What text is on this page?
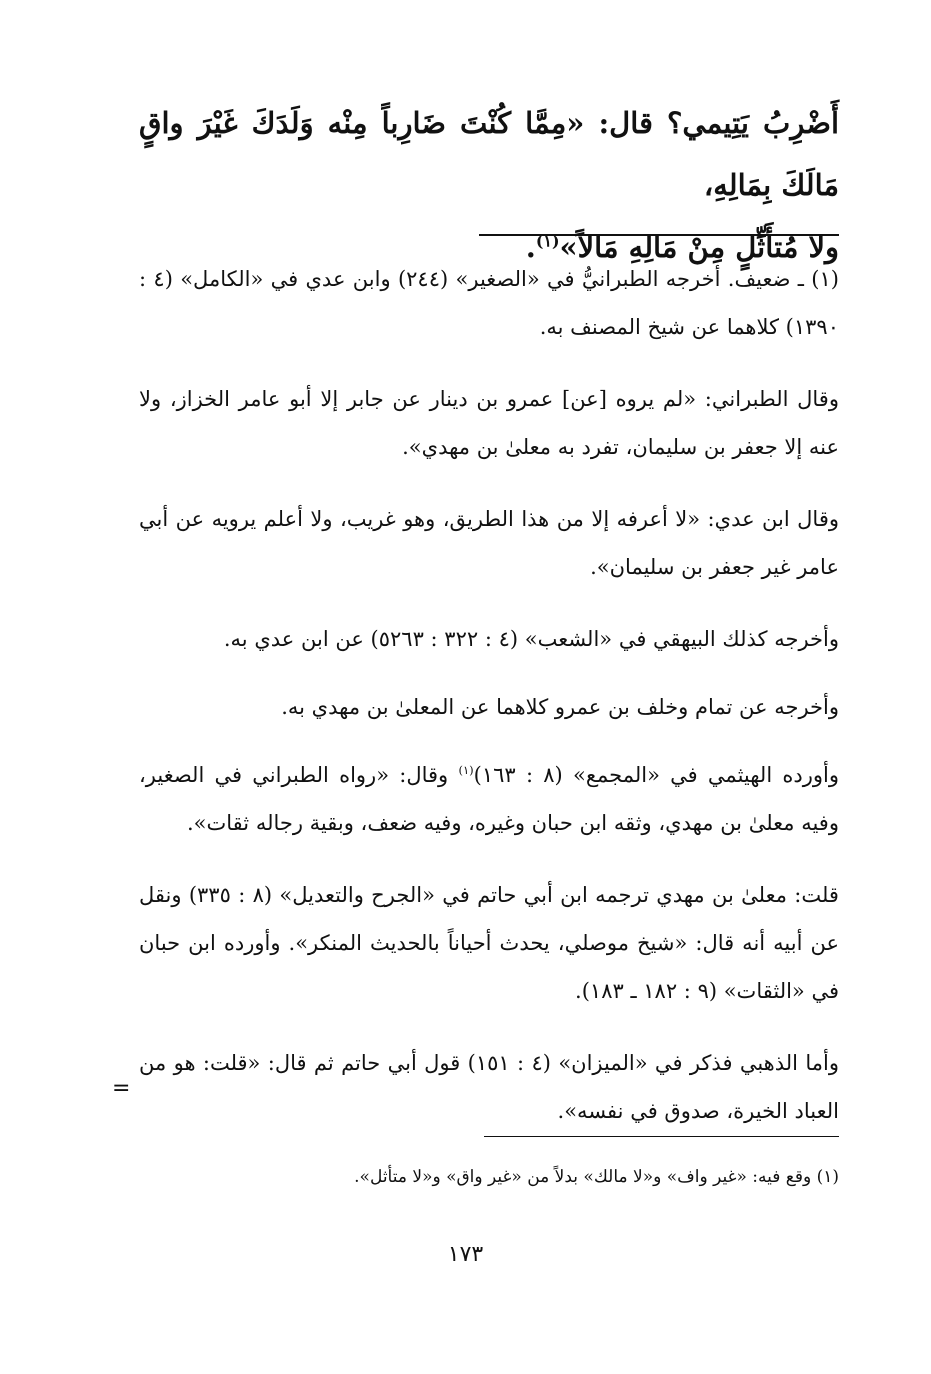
أَضْرِبُ يَتِيمي؟ قال: «مِمَّا كُنْتَ ضَارِباً مِنْه وَلَدَكَ غَيْرَ واقٍ مَالَكَ بِمَالِهِ،

ولا مُتأَثِّلٍ مِنْ مَالِهِ مَالاً»$^{(١)}$.

(١) ـ ضعيف. أخرجه الطبرانيُّ في «الصغير» (٢٤٤) وابن عدي في «الكامل» (٤ : ١٣٩٠) كلاهما عن شيخ المصنف به.

وقال الطبراني: «لم يروه [عن] عمرو بن دينار عن جابر إلا أبو عامر الخزاز، ولا عنه إلا جعفر بن سليمان، تفرد به معلىٰ بن مهدي».

وقال ابن عدي: «لا أعرفه إلا من هذا الطريق، وهو غريب، ولا أعلم يرويه عن أبي عامر غير جعفر بن سليمان».

وأخرجه كذلك البيهقي في «الشعب» (٤ : ٣٢٢ : ٥٢٦٣) عن ابن عدي به.

وأخرجه عن تمام وخلف بن عمرو كلاهما عن المعلىٰ بن مهدي به.

وأورده الهيثمي في «المجمع» (٨ : ١٦٣)$^{(١)}$ وقال: «رواه الطبراني في الصغير، وفيه معلىٰ بن مهدي، وثقه ابن حبان وغيره، وفيه ضعف، وبقية رجاله ثقات».

قلت: معلىٰ بن مهدي ترجمه ابن أبي حاتم في «الجرح والتعديل» (٨ : ٣٣٥) ونقل عن أبيه أنه قال: «شيخ موصلي، يحدث أحياناً بالحديث المنكر». وأورده ابن حبان في «الثقات» (٩ : ١٨٢ ـ ١٨٣).

وأما الذهبي فذكر في «الميزان» (٤ : ١٥١) قول أبي حاتم ثم قال: «قلت: هو من العباد الخيرة، صدوق في نفسه».

=
(١) وقع فيه: «غير واف» و«لا مالك» بدلاً من «غير واق» و«لا متأثل».
١٧٣
